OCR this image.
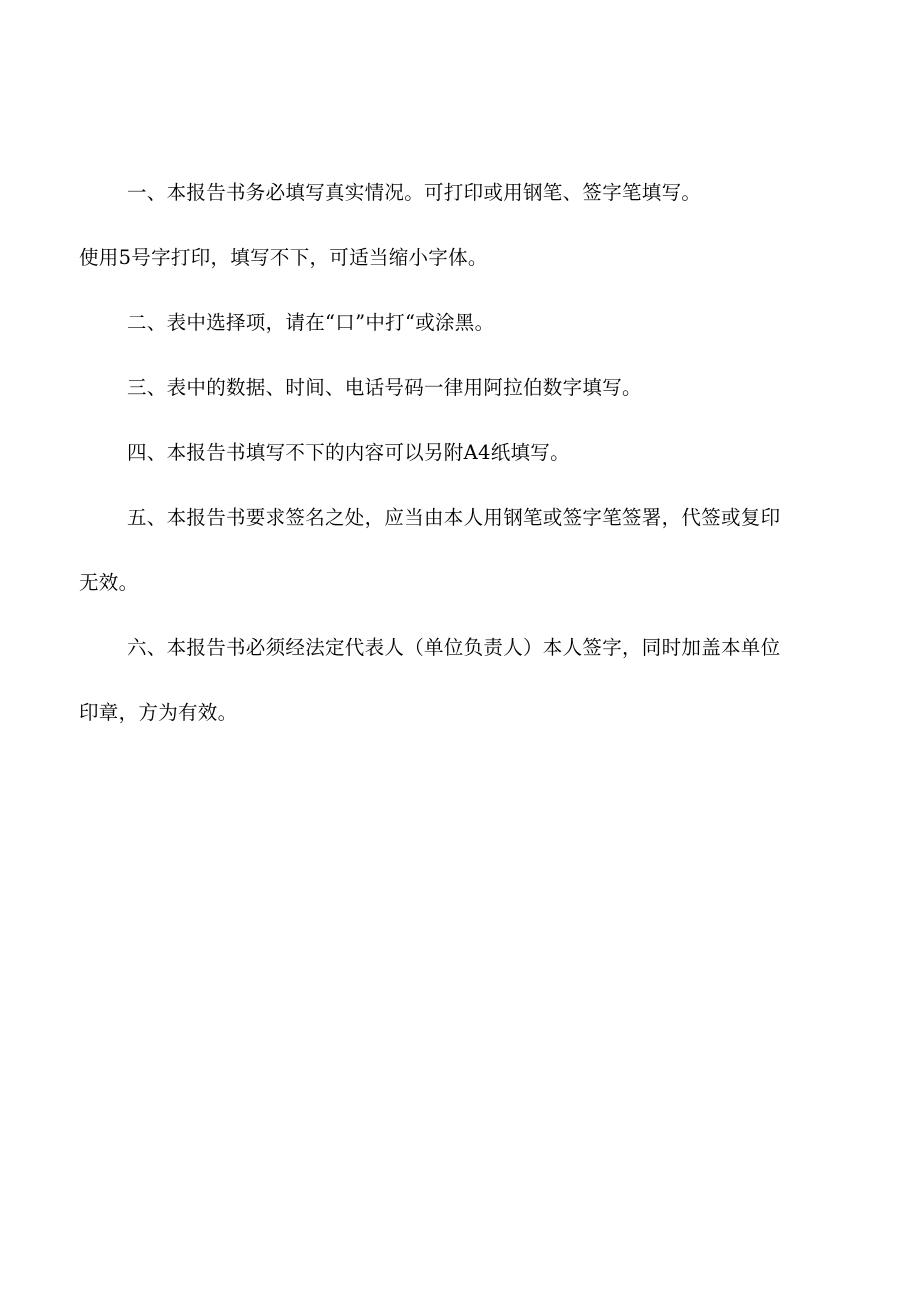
一、本报告书务必填写真实情况。可打印或用钢笔、签字笔填写。
使用5号字打印，填写不下，可适当缩小字体。
二、表中选择项，请在“口”中打“或涂黑。
三、表中的数据、时间、电话号码一律用阿拉伯数字填写。
四、本报告书填写不下的内容可以另附A4纸填写。
五、本报告书要求签名之处，应当由本人用钢笔或签字笔签署，代签或复印
无效。
六、本报告书必须经法定代表人（单位负责人）本人签字，同时加盖本单位
印章，方为有效。
